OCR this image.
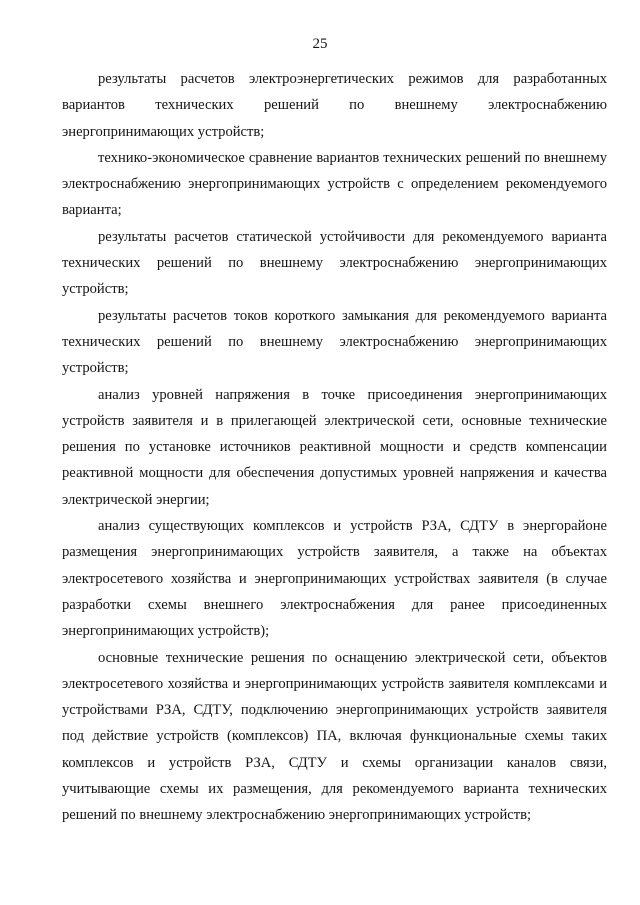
25

результаты расчетов электроэнергетических режимов для разработанных вариантов технических решений по внешнему электроснабжению энергопринимающих устройств;

технико-экономическое сравнение вариантов технических решений по внешнему электроснабжению энергопринимающих устройств с определением рекомендуемого варианта;

результаты расчетов статической устойчивости для рекомендуемого варианта технических решений по внешнему электроснабжению энергопринимающих устройств;

результаты расчетов токов короткого замыкания для рекомендуемого варианта технических решений по внешнему электроснабжению энергопринимающих устройств;

анализ уровней напряжения в точке присоединения энергопринимающих устройств заявителя и в прилегающей электрической сети, основные технические решения по установке источников реактивной мощности и средств компенсации реактивной мощности для обеспечения допустимых уровней напряжения и качества электрической энергии;

анализ существующих комплексов и устройств РЗА, СДТУ в энергорайоне размещения энергопринимающих устройств заявителя, а также на объектах электросетевого хозяйства и энергопринимающих устройствах заявителя (в случае разработки схемы внешнего электроснабжения для ранее присоединенных энергопринимающих устройств);

основные технические решения по оснащению электрической сети, объектов электросетевого хозяйства и энергопринимающих устройств заявителя комплексами и устройствами РЗА, СДТУ, подключению энергопринимающих устройств заявителя под действие устройств (комплексов) ПА, включая функциональные схемы таких комплексов и устройств РЗА, СДТУ и схемы организации каналов связи, учитывающие схемы их размещения, для рекомендуемого варианта технических решений по внешнему электроснабжению энергопринимающих устройств;
